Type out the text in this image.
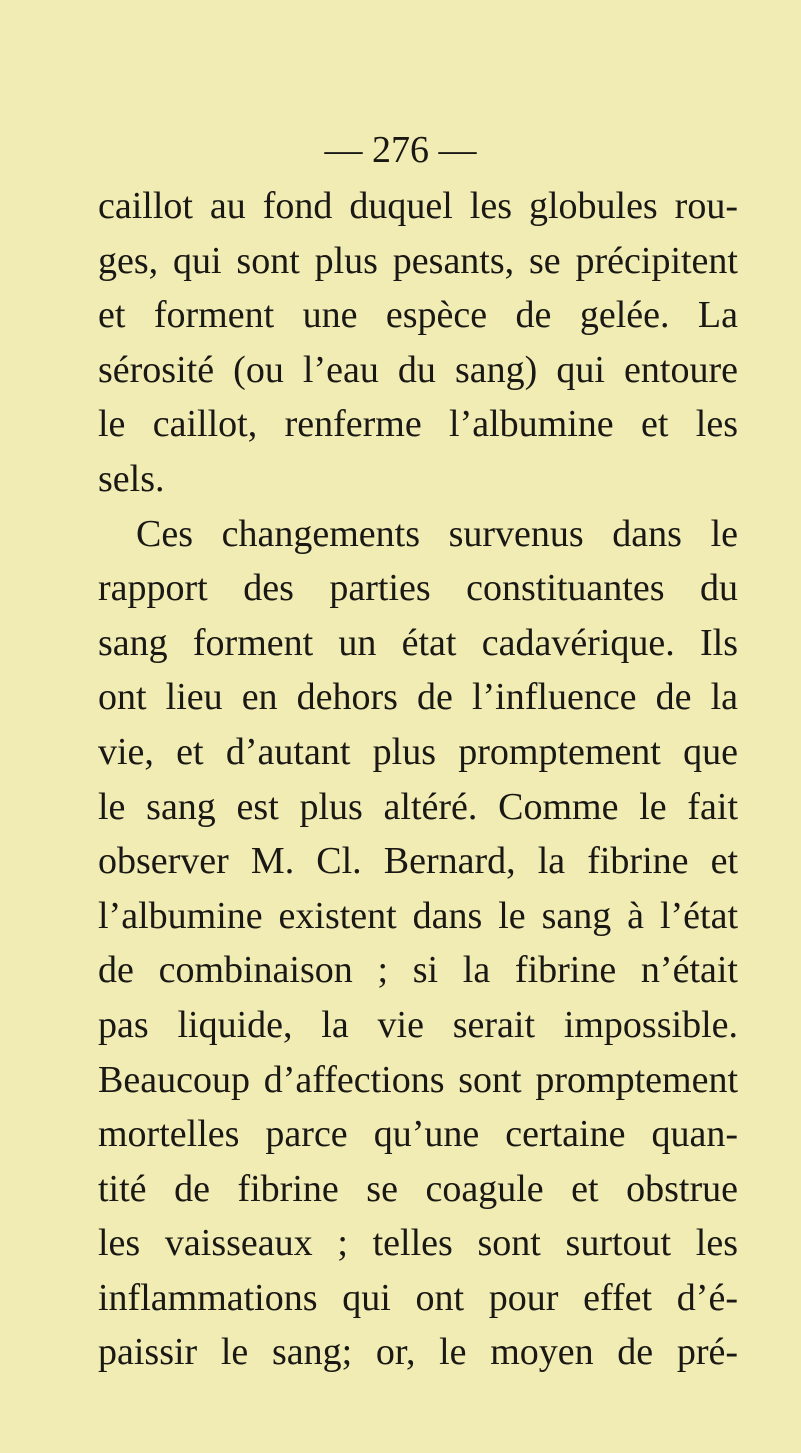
— 276 —
caillot au fond duquel les globules rou-
ges, qui sont plus pesants, se précipitent
et forment une espèce de gelée. La
sérosité (ou l’eau du sang) qui entoure
le caillot, renferme l’albumine et les
sels.
Ces changements survenus dans le
rapport des parties constituantes du
sang forment un état cadavérique. Ils
ont lieu en dehors de l’influence de la
vie, et d’autant plus promptement que
le sang est plus altéré. Comme le fait
observer M. Cl. Bernard, la fibrine et
l’albumine existent dans le sang à l’état
de combinaison ; si la fibrine n’était
pas liquide, la vie serait impossible.
Beaucoup d’affections sont promptement
mortelles parce qu’une certaine quan-
tité de fibrine se coagule et obstrue
les vaisseaux ; telles sont surtout les
inflammations qui ont pour effet d’é-
paissir le sang; or, le moyen de pré-
